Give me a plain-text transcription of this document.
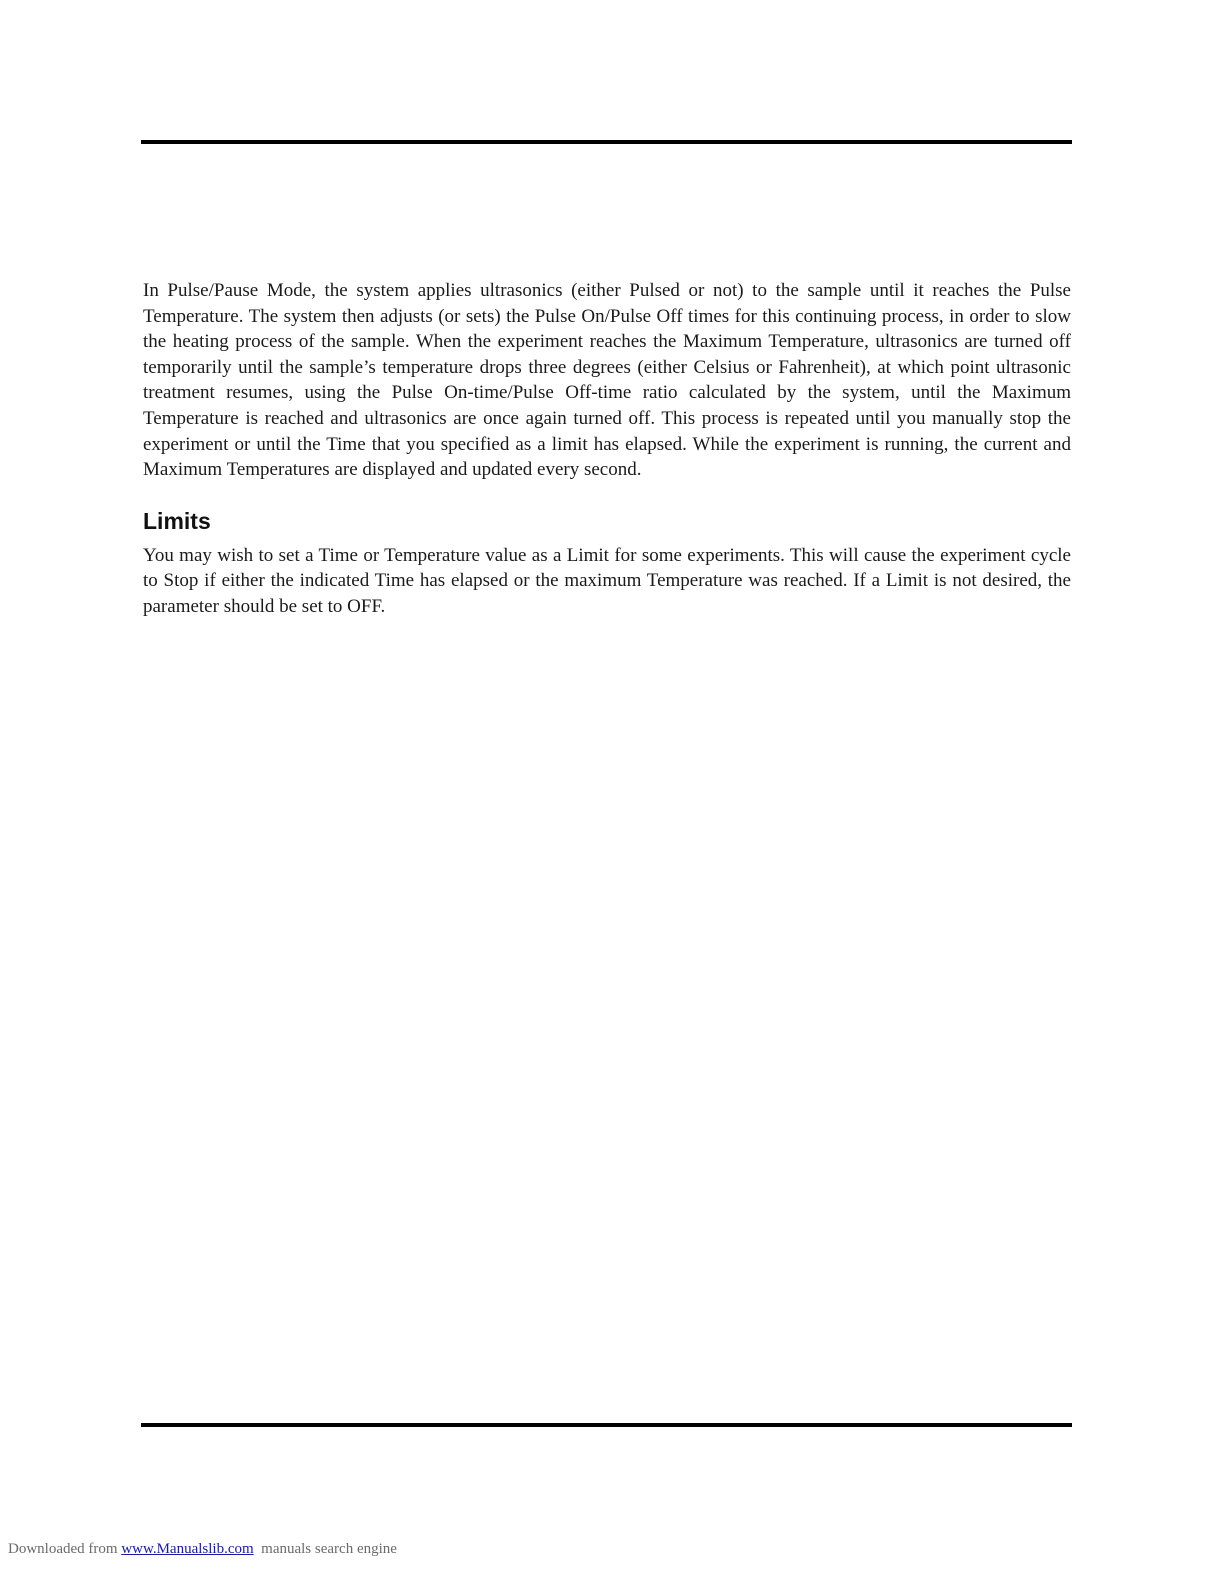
In Pulse/Pause Mode, the system applies ultrasonics (either Pulsed or not) to the sample until it reaches the Pulse Temperature. The system then adjusts (or sets) the Pulse On/Pulse Off times for this continuing process, in order to slow the heating process of the sample. When the experiment reaches the Maximum Temperature, ultrasonics are turned off temporarily until the sample’s temperature drops three degrees (either Celsius or Fahrenheit), at which point ultrasonic treatment resumes, using the Pulse On-time/Pulse Off-time ratio calculated by the system, until the Maximum Temperature is reached and ultrasonics are once again turned off. This process is repeated until you manually stop the experiment or until the Time that you specified as a limit has elapsed. While the experiment is running, the current and Maximum Temperatures are displayed and updated every second.

Limits

You may wish to set a Time or Temperature value as a Limit for some experiments. This will cause the experiment cycle to Stop if either the indicated Time has elapsed or the maximum Temperature was reached. If a Limit is not desired, the parameter should be set to OFF.

Downloaded from www.Manualslib.com  manuals search engine
